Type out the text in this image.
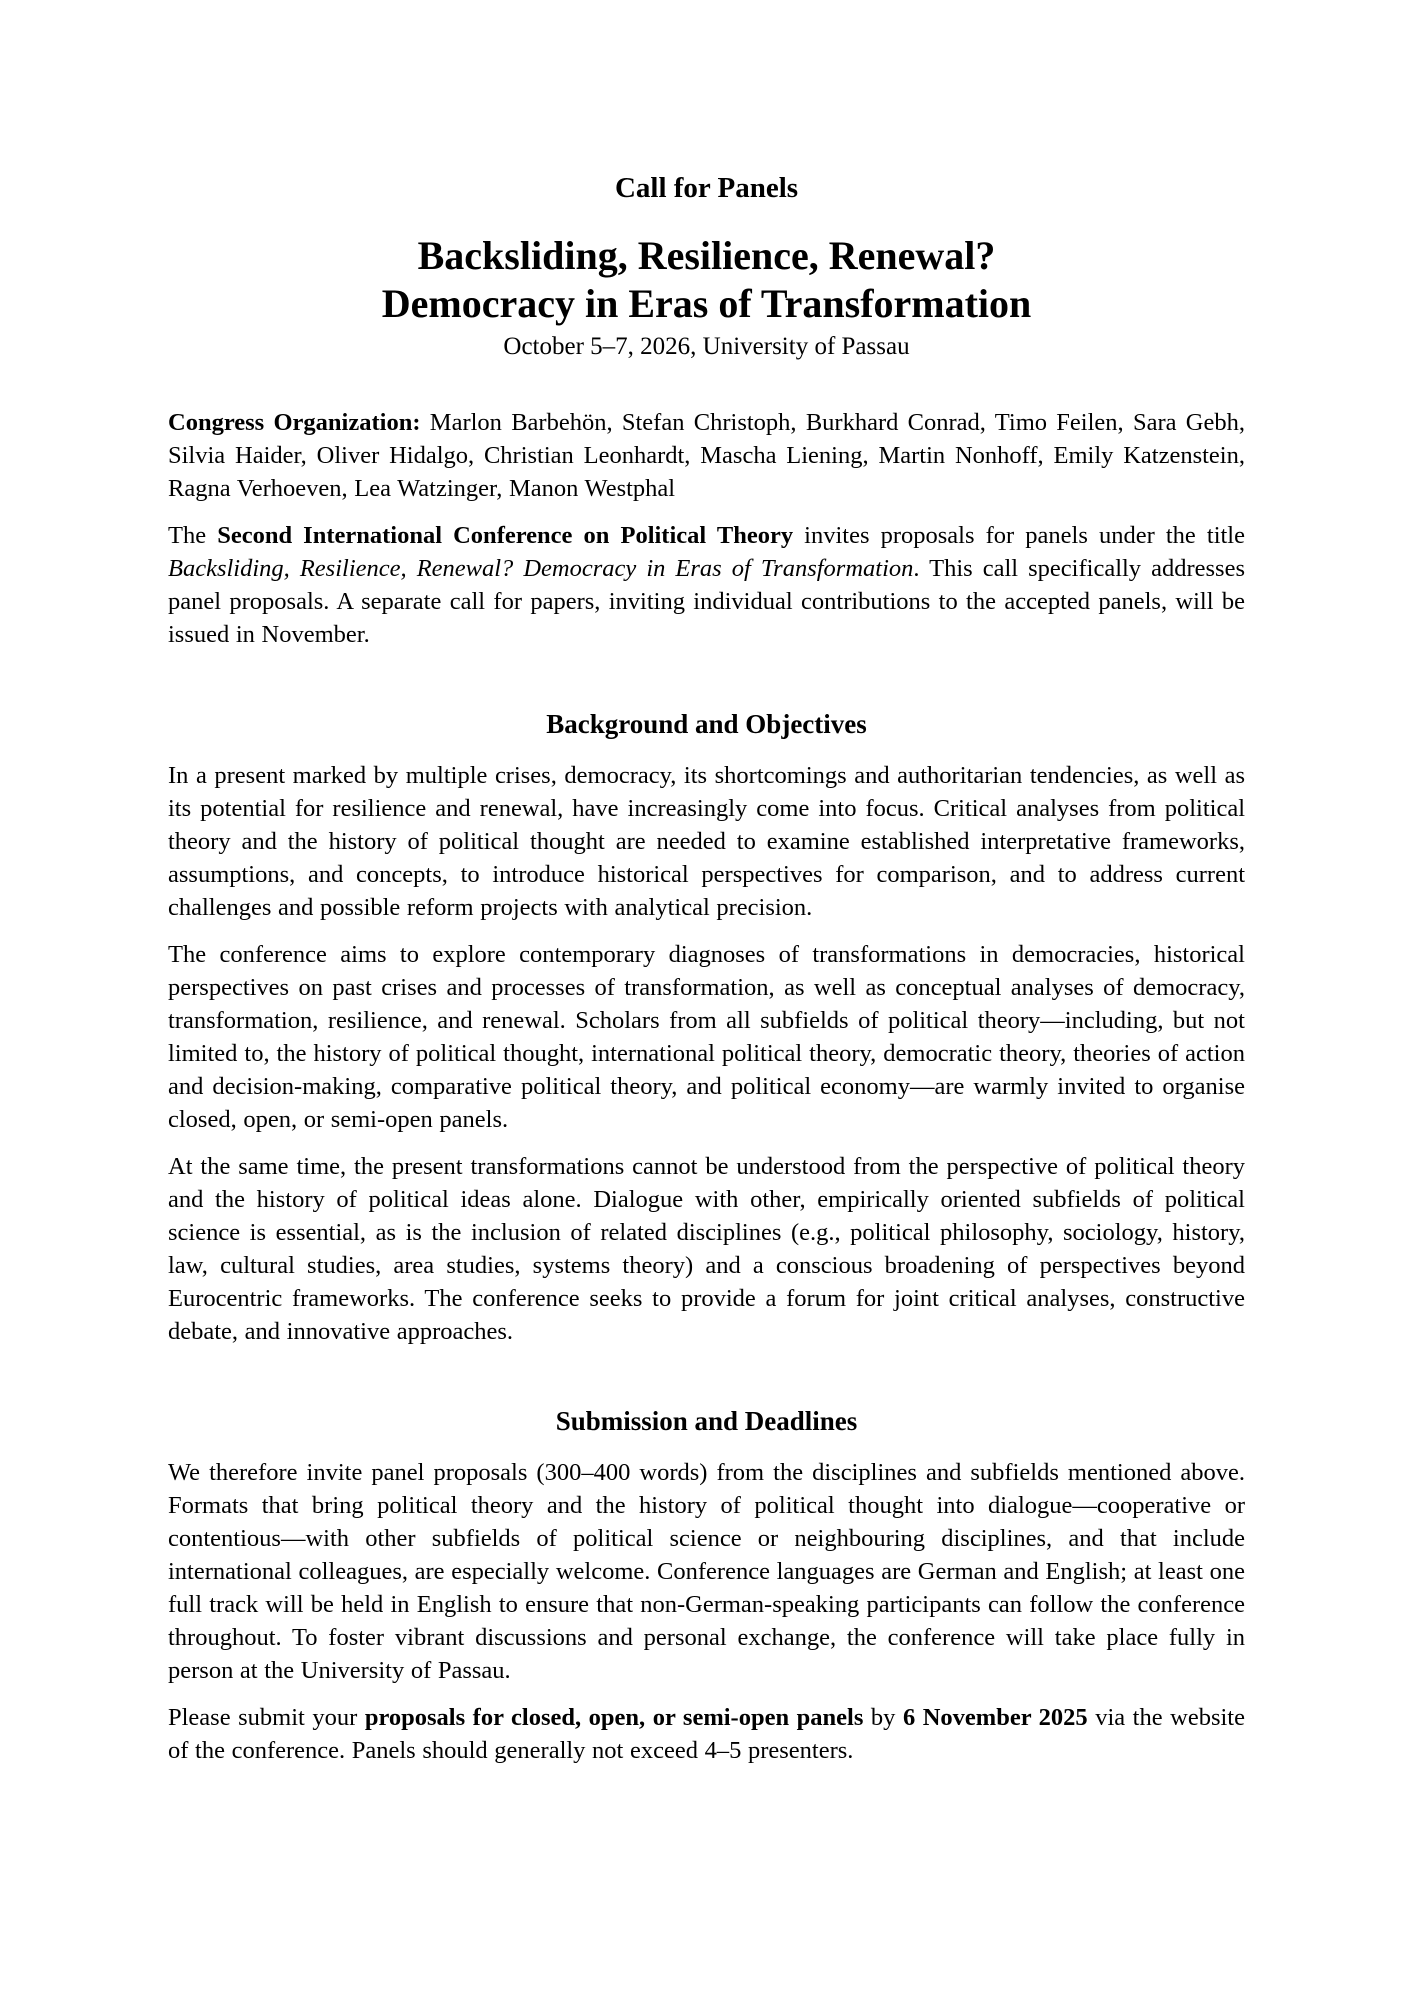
Call for Panels
Backsliding, Resilience, Renewal?
Democracy in Eras of Transformation
October 5–7, 2026, University of Passau

Congress Organization: Marlon Barbehön, Stefan Christoph, Burkhard Conrad, Timo Feilen, Sara Gebh, Silvia Haider, Oliver Hidalgo, Christian Leonhardt, Mascha Liening, Martin Nonhoff, Emily Katzenstein, Ragna Verhoeven, Lea Watzinger, Manon Westphal

The Second International Conference on Political Theory invites proposals for panels under the title Backsliding, Resilience, Renewal? Democracy in Eras of Transformation. This call specifically addresses panel proposals. A separate call for papers, inviting individual contributions to the accepted panels, will be issued in November.

Background and Objectives

In a present marked by multiple crises, democracy, its shortcomings and authoritarian tendencies, as well as its potential for resilience and renewal, have increasingly come into focus. Critical analyses from political theory and the history of political thought are needed to examine established interpretative frameworks, assumptions, and concepts, to introduce historical perspectives for comparison, and to address current challenges and possible reform projects with analytical precision.

The conference aims to explore contemporary diagnoses of transformations in democracies, historical perspectives on past crises and processes of transformation, as well as conceptual analyses of democracy, transformation, resilience, and renewal. Scholars from all subfields of political theory—including, but not limited to, the history of political thought, international political theory, democratic theory, theories of action and decision-making, comparative political theory, and political economy—are warmly invited to organise closed, open, or semi-open panels.

At the same time, the present transformations cannot be understood from the perspective of political theory and the history of political ideas alone. Dialogue with other, empirically oriented subfields of political science is essential, as is the inclusion of related disciplines (e.g., political philosophy, sociology, history, law, cultural studies, area studies, systems theory) and a conscious broadening of perspectives beyond Eurocentric frameworks. The conference seeks to provide a forum for joint critical analyses, constructive debate, and innovative approaches.

Submission and Deadlines

We therefore invite panel proposals (300–400 words) from the disciplines and subfields mentioned above. Formats that bring political theory and the history of political thought into dialogue—cooperative or contentious—with other subfields of political science or neighbouring disciplines, and that include international colleagues, are especially welcome. Conference languages are German and English; at least one full track will be held in English to ensure that non-German-speaking participants can follow the conference throughout. To foster vibrant discussions and personal exchange, the conference will take place fully in person at the University of Passau.

Please submit your proposals for closed, open, or semi-open panels by 6 November 2025 via the website of the conference. Panels should generally not exceed 4–5 presenters.
